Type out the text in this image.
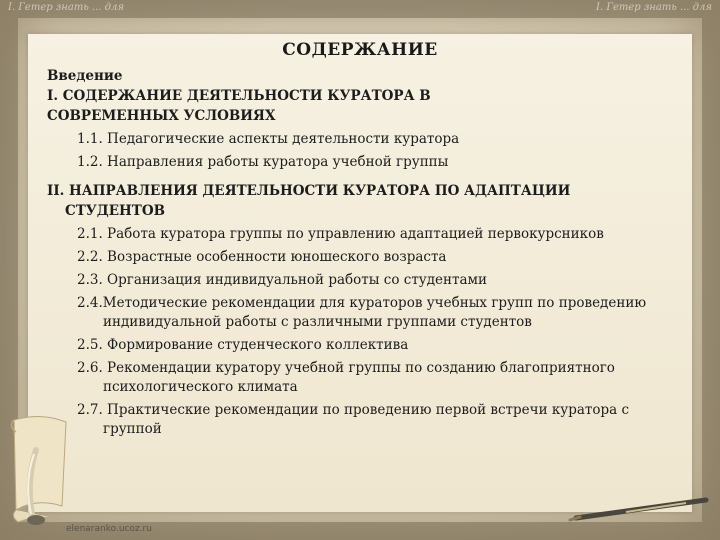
I. Гетер знать ... для	I. Гетер знать ... для
СОДЕРЖАНИЕ
Введение
I. СОДЕРЖАНИЕ ДЕЯТЕЛЬНОСТИ КУРАТОРА В
СОВРЕМЕННЫХ УСЛОВИЯХ
1.1. Педагогические аспекты деятельности куратора
1.2. Направления работы куратора учебной группы
II. НАПРАВЛЕНИЯ ДЕЯТЕЛЬНОСТИ КУРАТОРА ПО АДАПТАЦИИ
СТУДЕНТОВ
2.1. Работа куратора группы по управлению адаптацией первокурсников
2.2. Возрастные особенности юношеского возраста
2.3. Организация индивидуальной работы со студентами
2.4.Методические рекомендации для кураторов учебных групп по проведению
индивидуальной работы с различными группами студентов
2.5. Формирование студенческого коллектива
2.6. Рекомендации куратору учебной группы по созданию благоприятного
психологического климата
2.7. Практические рекомендации по проведению первой встречи куратора с
группой
elenaranko.ucoz.ru
